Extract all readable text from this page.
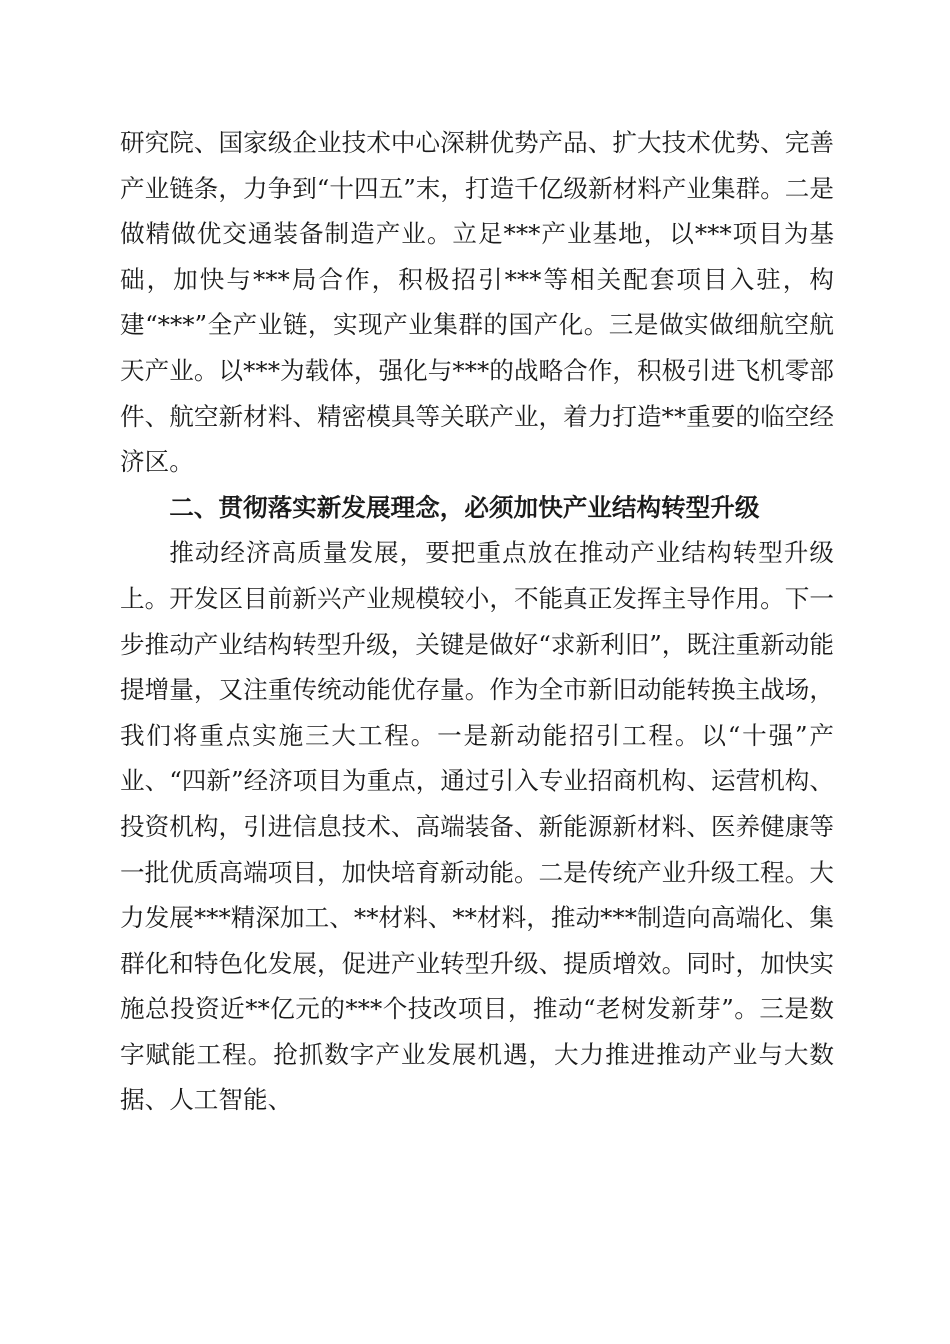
研究院、国家级企业技术中心深耕优势产品、扩大技术优势、完善产业链条，力争到“十四五”末，打造千亿级新材料产业集群。二是做精做优交通装备制造产业。立足***产业基地，以***项目为基础，加快与***局合作，积极招引***等相关配套项目入驻，构建“***”全产业链，实现产业集群的国产化。三是做实做细航空航天产业。以***为载体，强化与***的战略合作，积极引进飞机零部件、航空新材料、精密模具等关联产业，着力打造**重要的临空经济区。

二、贯彻落实新发展理念，必须加快产业结构转型升级

推动经济高质量发展，要把重点放在推动产业结构转型升级上。开发区目前新兴产业规模较小，不能真正发挥主导作用。下一步推动产业结构转型升级，关键是做好“求新利旧”，既注重新动能提增量，又注重传统动能优存量。作为全市新旧动能转换主战场，我们将重点实施三大工程。一是新动能招引工程。以“十强”产业、“四新”经济项目为重点，通过引入专业招商机构、运营机构、投资机构，引进信息技术、高端装备、新能源新材料、医养健康等一批优质高端项目，加快培育新动能。二是传统产业升级工程。大力发展***精深加工、**材料、**材料，推动***制造向高端化、集群化和特色化发展，促进产业转型升级、提质增效。同时，加快实施总投资近**亿元的***个技改项目，推动“老树发新芽”。三是数字赋能工程。抢抓数字产业发展机遇，大力推进推动产业与大数据、人工智能、
